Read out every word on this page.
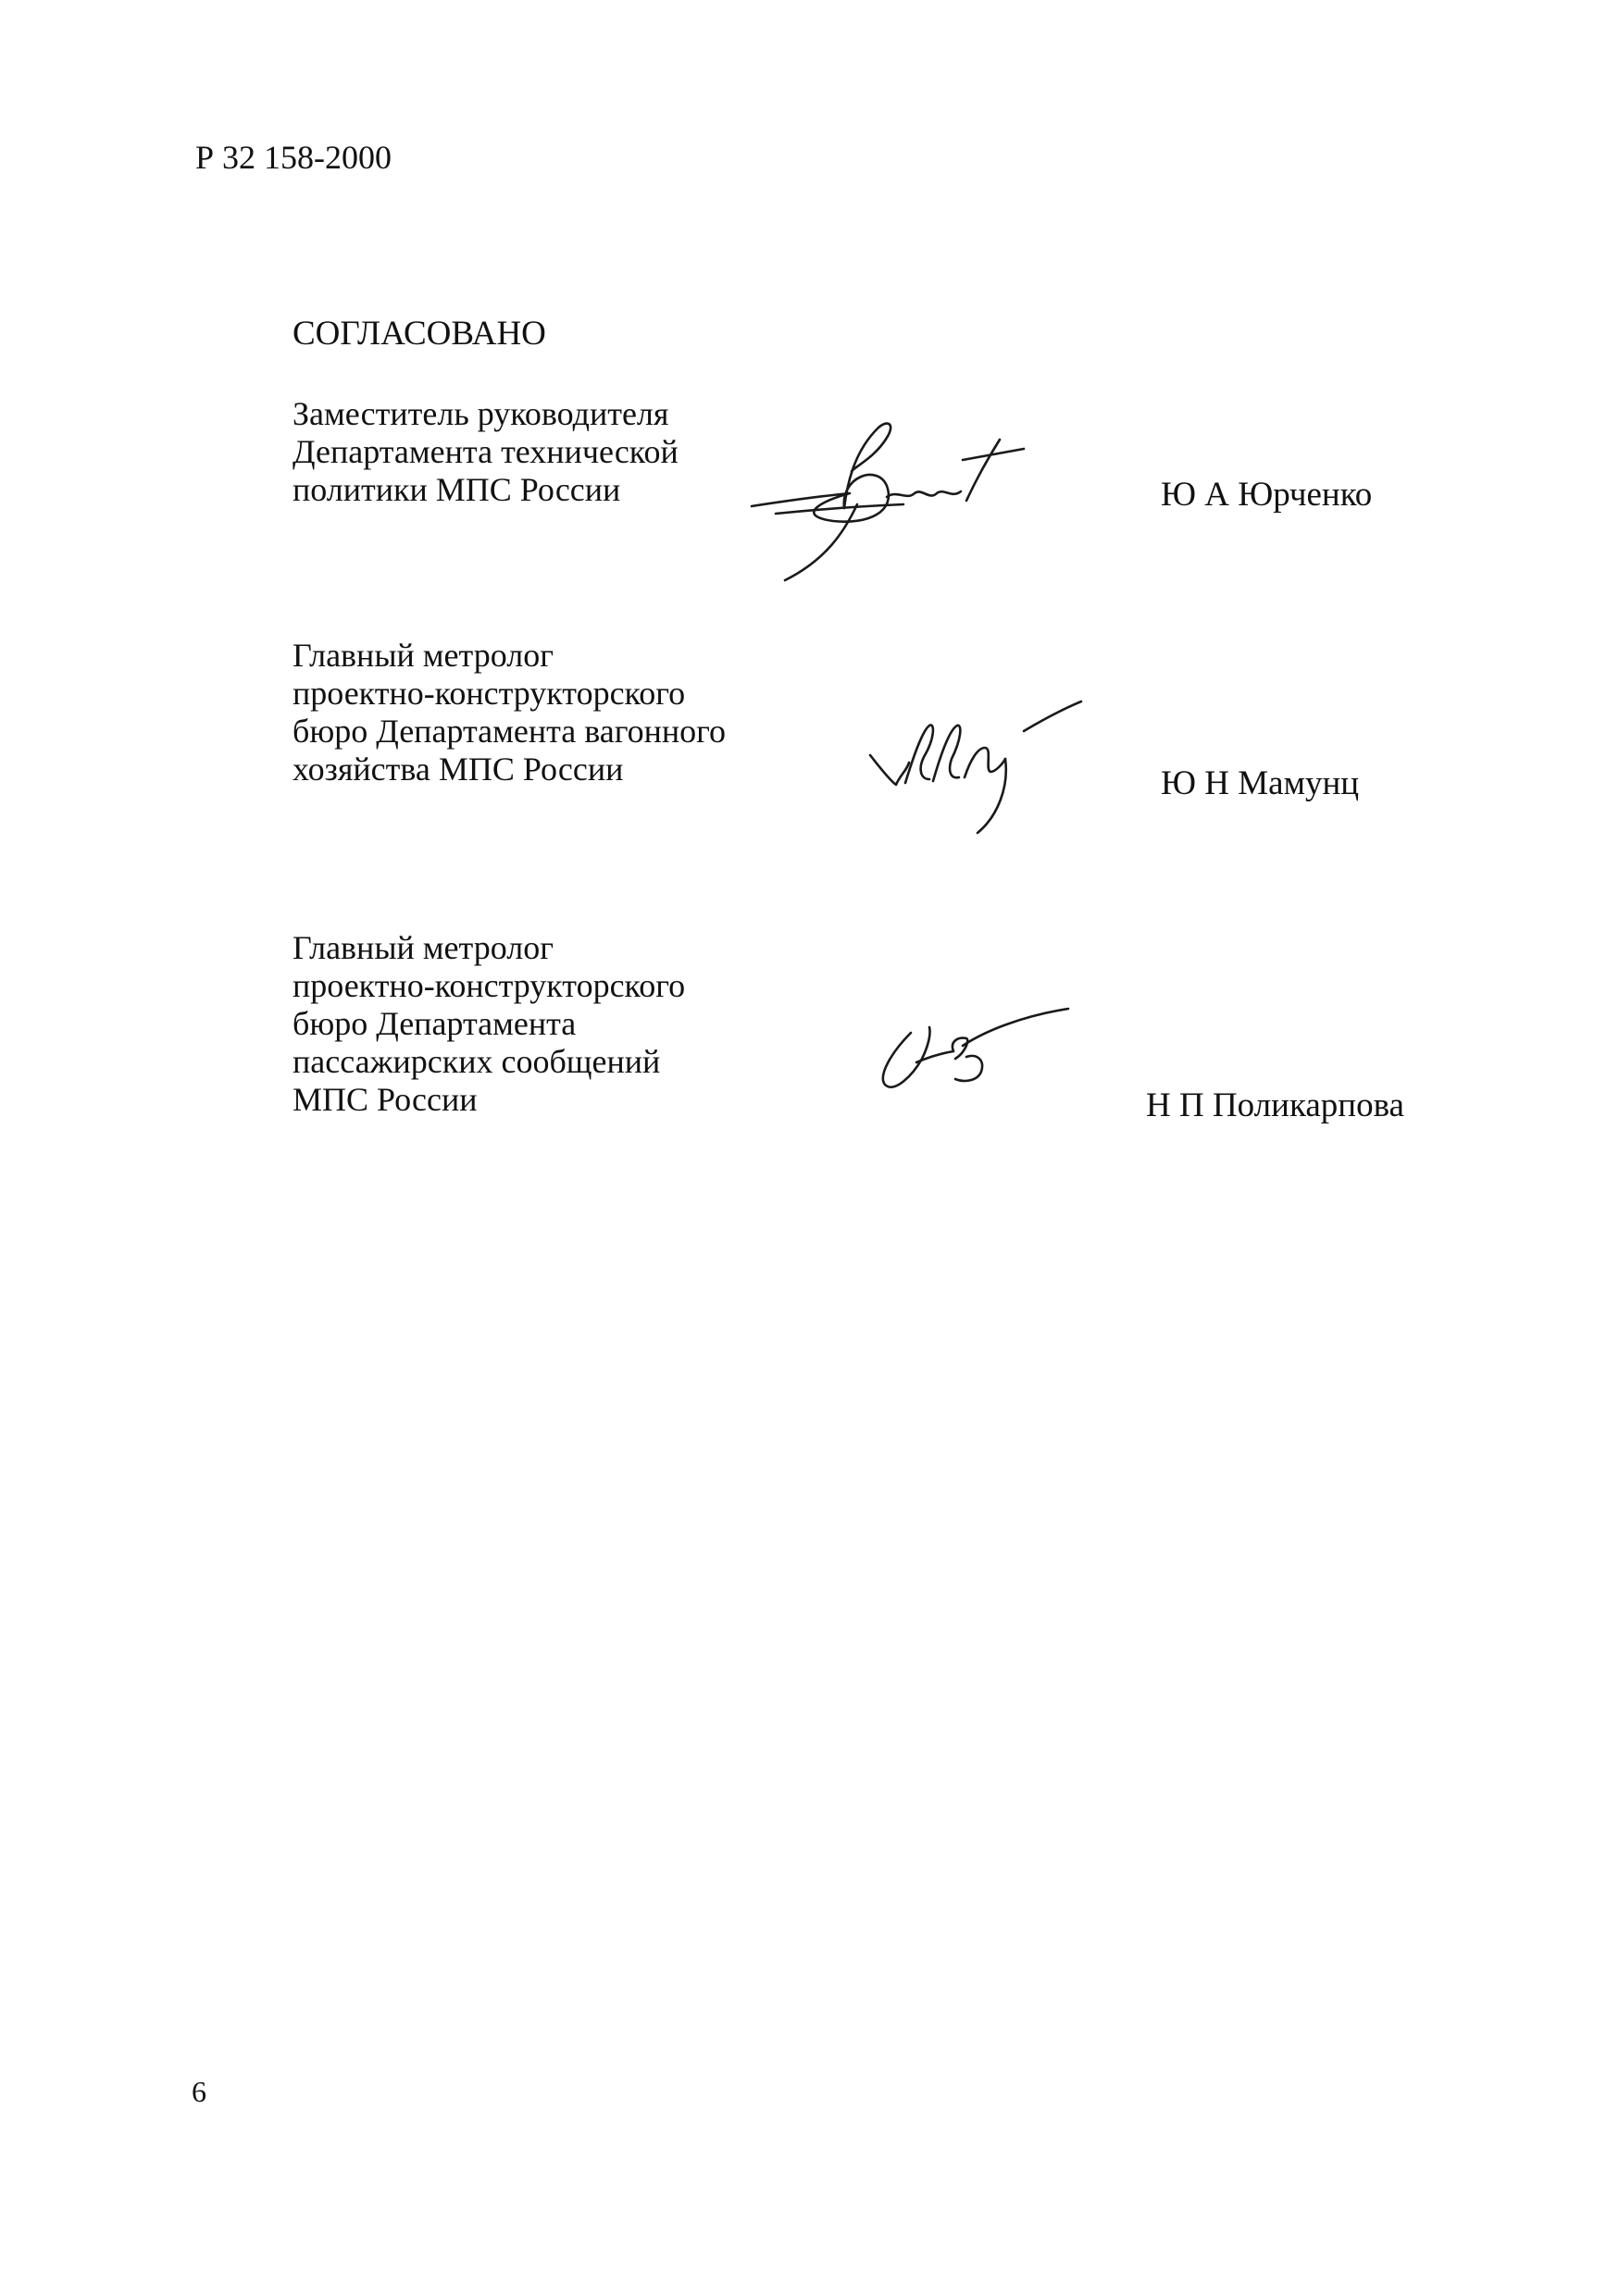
Р 32 158-2000
СОГЛАСОВАНО
Заместитель руководителя
Департамента технической
политики МПС России	Ю А Юрченко
Главный метролог
проектно-конструкторского
бюро Департамента вагонного
хозяйства МПС России	Ю Н Мамунц
Главный метролог
проектно-конструкторского
бюро Департамента
пассажирских сообщений
МПС России	Н П Поликарпова
6
